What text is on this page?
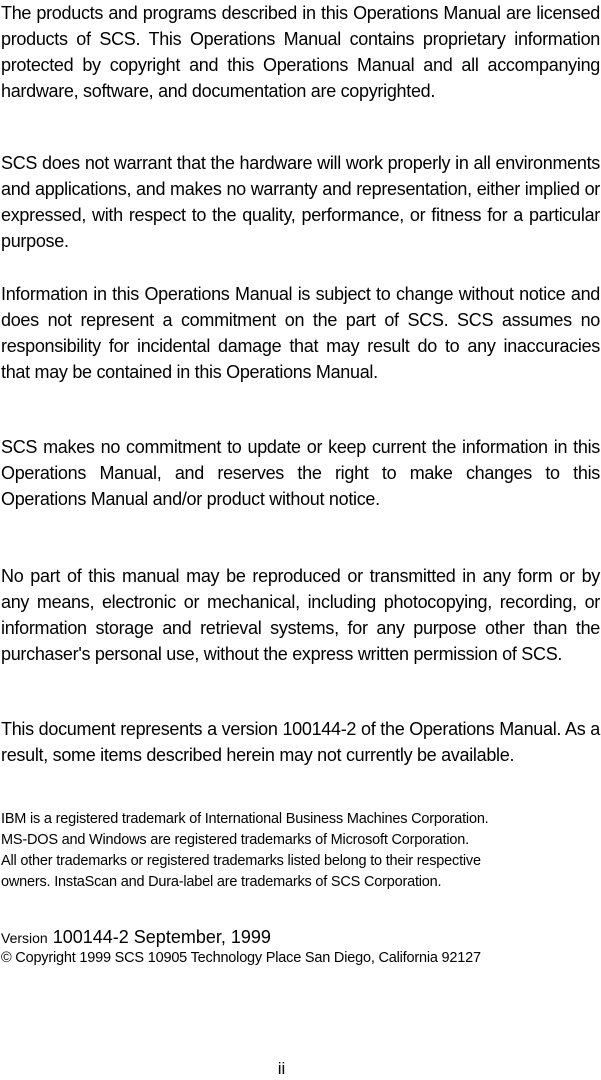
The products and programs described in this Operations Manual are licensed products of SCS. This Operations Manual contains proprietary information protected by copyright and this Operations Manual and all accompanying hardware, software, and documentation are copyrighted.

SCS does not warrant that the hardware will work properly in all environments and applications, and makes no warranty and representation, either implied or expressed, with respect to the quality, performance, or fitness for a particular purpose.

Information in this Operations Manual is subject to change without notice and does not represent a commitment on the part of SCS. SCS assumes no responsibility for incidental damage that may result do to any inaccuracies that may be contained in this Operations Manual.

SCS makes no commitment to update or keep current the information in this Operations Manual, and reserves the right to make changes to this Operations Manual and/or product without notice.

No part of this manual may be reproduced or transmitted in any form or by any means, electronic or mechanical, including photocopying, recording, or information storage and retrieval systems, for any purpose other than the purchaser's personal use, without the express written permission of SCS.

This document represents a version 100144-2 of the Operations Manual. As a result, some items described herein may not currently be available.

IBM is a registered trademark of International Business Machines Corporation.
MS-DOS and Windows are registered trademarks of Microsoft Corporation.
All other trademarks or registered trademarks listed belong to their respective
owners. InstaScan and Dura-label are trademarks of SCS Corporation.
Version 100144-2 September, 1999
© Copyright 1999 SCS 10905 Technology Place San Diego, California 92127
ii
